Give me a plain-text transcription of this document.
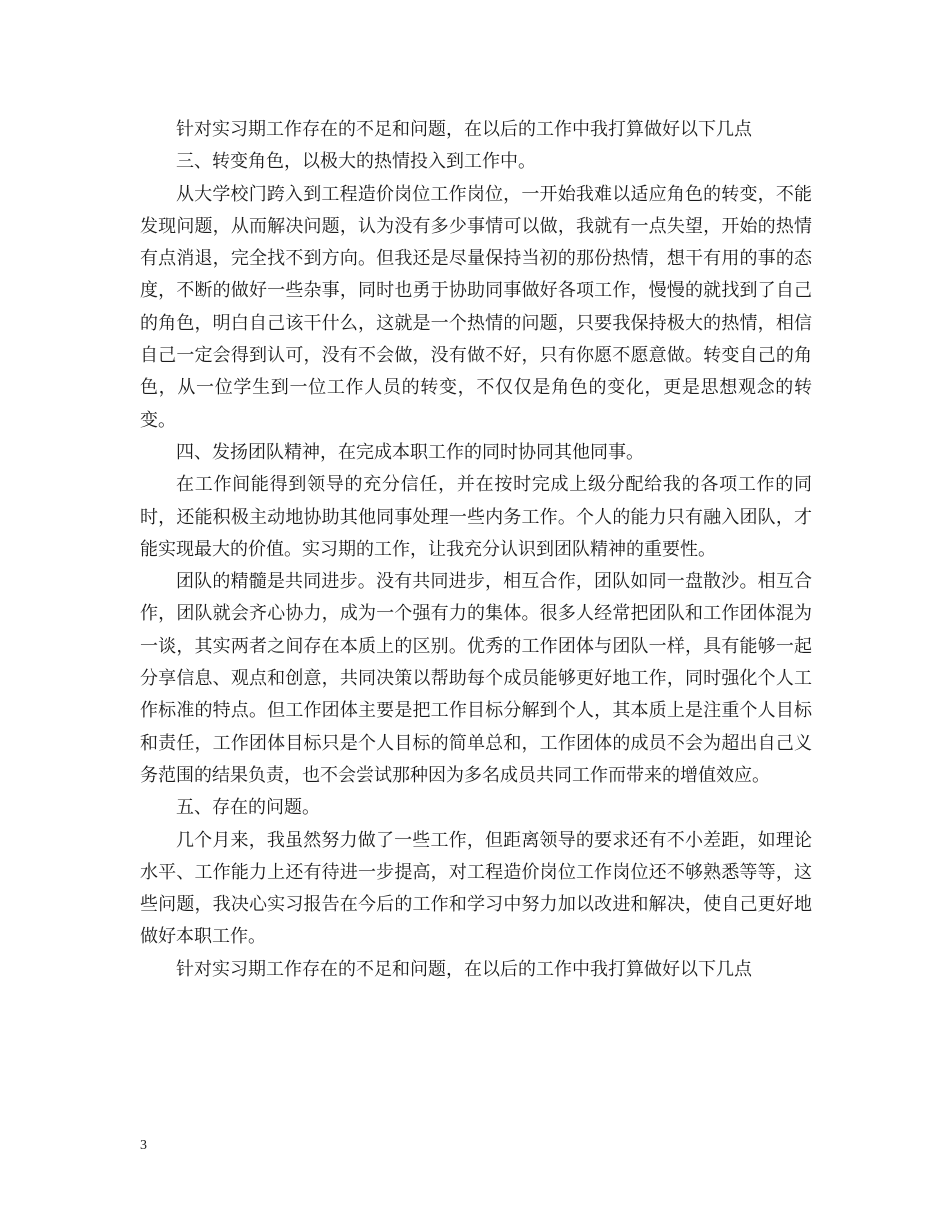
针对实习期工作存在的不足和问题，在以后的工作中我打算做好以下几点

三、转变角色，以极大的热情投入到工作中。

从大学校门跨入到工程造价岗位工作岗位，一开始我难以适应角色的转变，不能发现问题，从而解决问题，认为没有多少事情可以做，我就有一点失望，开始的热情有点消退，完全找不到方向。但我还是尽量保持当初的那份热情，想干有用的事的态度，不断的做好一些杂事，同时也勇于协助同事做好各项工作，慢慢的就找到了自己的角色，明白自己该干什么，这就是一个热情的问题，只要我保持极大的热情，相信自己一定会得到认可，没有不会做，没有做不好，只有你愿不愿意做。转变自己的角色，从一位学生到一位工作人员的转变，不仅仅是角色的变化，更是思想观念的转变。

四、发扬团队精神，在完成本职工作的同时协同其他同事。

在工作间能得到领导的充分信任，并在按时完成上级分配给我的各项工作的同时，还能积极主动地协助其他同事处理一些内务工作。个人的能力只有融入团队，才能实现最大的价值。实习期的工作，让我充分认识到团队精神的重要性。

团队的精髓是共同进步。没有共同进步，相互合作，团队如同一盘散沙。相互合作，团队就会齐心协力，成为一个强有力的集体。很多人经常把团队和工作团体混为一谈，其实两者之间存在本质上的区别。优秀的工作团体与团队一样，具有能够一起分享信息、观点和创意，共同决策以帮助每个成员能够更好地工作，同时强化个人工作标准的特点。但工作团体主要是把工作目标分解到个人，其本质上是注重个人目标和责任，工作团体目标只是个人目标的简单总和，工作团体的成员不会为超出自己义务范围的结果负责，也不会尝试那种因为多名成员共同工作而带来的增值效应。

五、存在的问题。

几个月来，我虽然努力做了一些工作，但距离领导的要求还有不小差距，如理论水平、工作能力上还有待进一步提高，对工程造价岗位工作岗位还不够熟悉等等，这些问题，我决心实习报告在今后的工作和学习中努力加以改进和解决，使自己更好地做好本职工作。

针对实习期工作存在的不足和问题，在以后的工作中我打算做好以下几点

3
